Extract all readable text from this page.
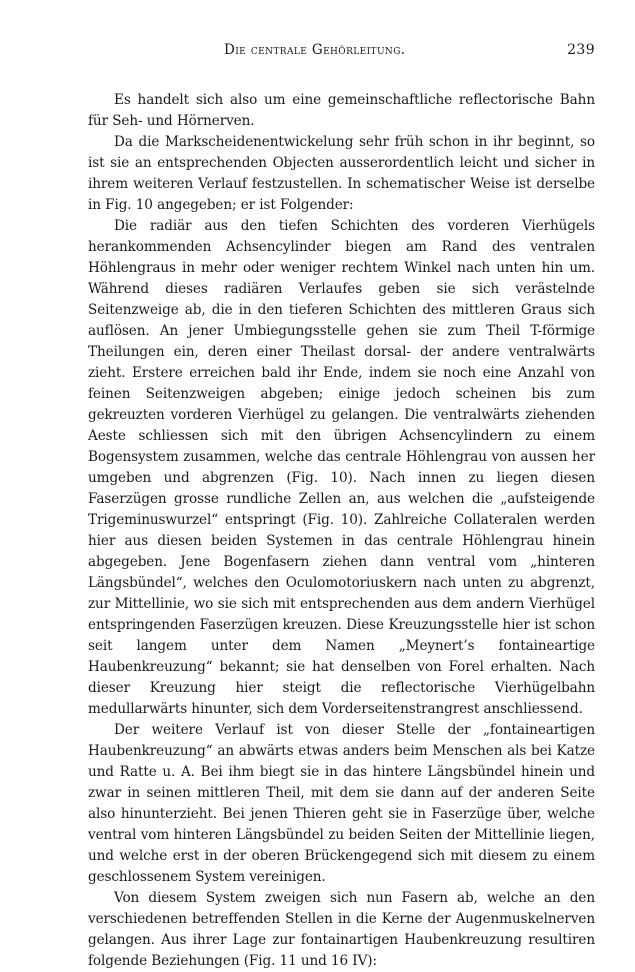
Die centrale Gehörleitung.	239

Es handelt sich also um eine gemeinschaftliche reflectorische Bahn für Seh- und Hörnerven.

Da die Markscheidenentwickelung sehr früh schon in ihr beginnt, so ist sie an entsprechenden Objecten ausserordentlich leicht und sicher in ihrem weiteren Verlauf festzustellen. In schematischer Weise ist derselbe in Fig. 10 angegeben; er ist Folgender:

Die radiär aus den tiefen Schichten des vorderen Vierhügels herankommenden Achsencylinder biegen am Rand des ventralen Höhlengraus in mehr oder weniger rechtem Winkel nach unten hin um. Während dieses radiären Verlaufes geben sie sich verästelnde Seitenzweige ab, die in den tieferen Schichten des mittleren Graus sich auflösen. An jener Umbiegungsstelle gehen sie zum Theil T-förmige Theilungen ein, deren einer Theilast dorsal- der andere ventralwärts zieht. Erstere erreichen bald ihr Ende, indem sie noch eine Anzahl von feinen Seitenzweigen abgeben; einige jedoch scheinen bis zum gekreuzten vorderen Vierhügel zu gelangen. Die ventralwärts ziehenden Aeste schliessen sich mit den übrigen Achsencylindern zu einem Bogensystem zusammen, welche das centrale Höhlengrau von aussen her umgeben und abgrenzen (Fig. 10). Nach innen zu liegen diesen Faserzügen grosse rundliche Zellen an, aus welchen die „aufsteigende Trigeminuswurzel“ entspringt (Fig. 10). Zahlreiche Collateralen werden hier aus diesen beiden Systemen in das centrale Höhlengrau hinein abgegeben. Jene Bogenfasern ziehen dann ventral vom „hinteren Längsbündel“, welches den Oculomotoriuskern nach unten zu abgrenzt, zur Mittellinie, wo sie sich mit entsprechenden aus dem andern Vierhügel entspringenden Faserzügen kreuzen. Diese Kreuzungsstelle hier ist schon seit langem unter dem Namen „Meynert’s fontaineartige Haubenkreuzung“ bekannt; sie hat denselben von Forel erhalten. Nach dieser Kreuzung hier steigt die reflectorische Vierhügelbahn medullarwärts hinunter, sich dem Vorderseitenstrangrest anschliessend.

Der weitere Verlauf ist von dieser Stelle der „fontaineartigen Haubenkreuzung“ an abwärts etwas anders beim Menschen als bei Katze und Ratte u. A. Bei ihm biegt sie in das hintere Längsbündel hinein und zwar in seinen mittleren Theil, mit dem sie dann auf der anderen Seite also hinunterzieht. Bei jenen Thieren geht sie in Faserzüge über, welche ventral vom hinteren Längsbündel zu beiden Seiten der Mittellinie liegen, und welche erst in der oberen Brückengegend sich mit diesem zu einem geschlossenem System vereinigen.

Von diesem System zweigen sich nun Fasern ab, welche an den verschiedenen betreffenden Stellen in die Kerne der Augenmuskelnerven gelangen. Aus ihrer Lage zur fontainartigen Haubenkreuzung resultiren folgende Beziehungen (Fig. 11 und 16 IV):
